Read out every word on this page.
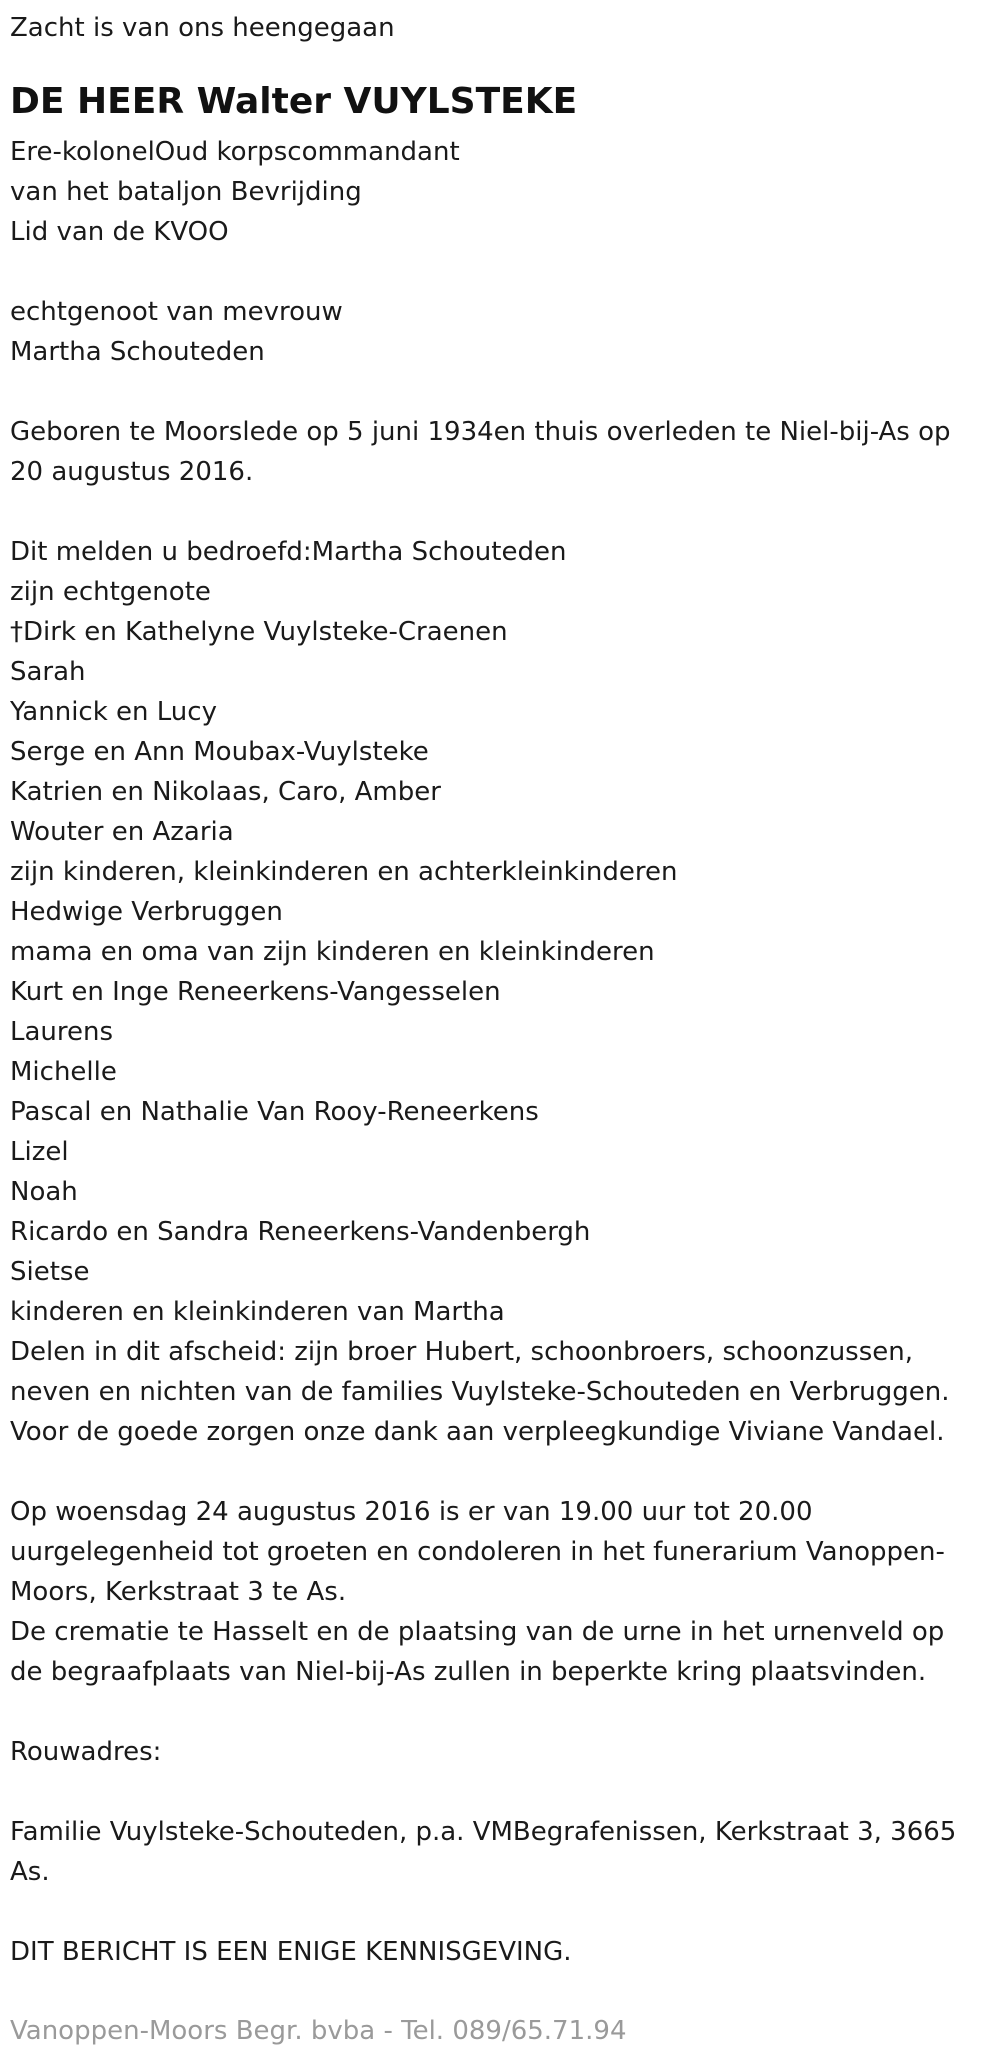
Zacht is van ons heengegaan

DE HEER Walter VUYLSTEKE

Ere-kolonelOud korpscommandant

van het bataljon Bevrijding

Lid van de KVOO

echtgenoot van mevrouw

Martha Schouteden

Geboren te Moorslede op 5 juni 1934en thuis overleden te Niel-bij-As op

20 augustus 2016.

Dit melden u bedroefd:Martha Schouteden

zijn echtgenote

†Dirk en Kathelyne Vuylsteke-Craenen

Sarah

Yannick en Lucy

Serge en Ann Moubax-Vuylsteke

Katrien en Nikolaas, Caro, Amber

Wouter en Azaria

zijn kinderen, kleinkinderen en achterkleinkinderen

Hedwige Verbruggen

mama en oma van zijn kinderen en kleinkinderen

Kurt en Inge Reneerkens-Vangesselen

Laurens

Michelle

Pascal en Nathalie Van Rooy-Reneerkens

Lizel

Noah

Ricardo en Sandra Reneerkens-Vandenbergh

Sietse

kinderen en kleinkinderen van Martha

Delen in dit afscheid: zijn broer Hubert, schoonbroers, schoonzussen,

neven en nichten van de families Vuylsteke-Schouteden en Verbruggen.

Voor de goede zorgen onze dank aan verpleegkundige Viviane Vandael.

Op woensdag 24 augustus 2016 is er van 19.00 uur tot 20.00

uurgelegenheid tot groeten en condoleren in het funerarium Vanoppen-

Moors, Kerkstraat 3 te As.

De crematie te Hasselt en de plaatsing van de urne in het urnenveld op

de begraafplaats van Niel-bij-As zullen in beperkte kring plaatsvinden.

Rouwadres:

Familie Vuylsteke-Schouteden, p.a. VMBegrafenissen, Kerkstraat 3, 3665

As.

DIT BERICHT IS EEN ENIGE KENNISGEVING.

Vanoppen-Moors Begr. bvba - Tel. 089/65.71.94
